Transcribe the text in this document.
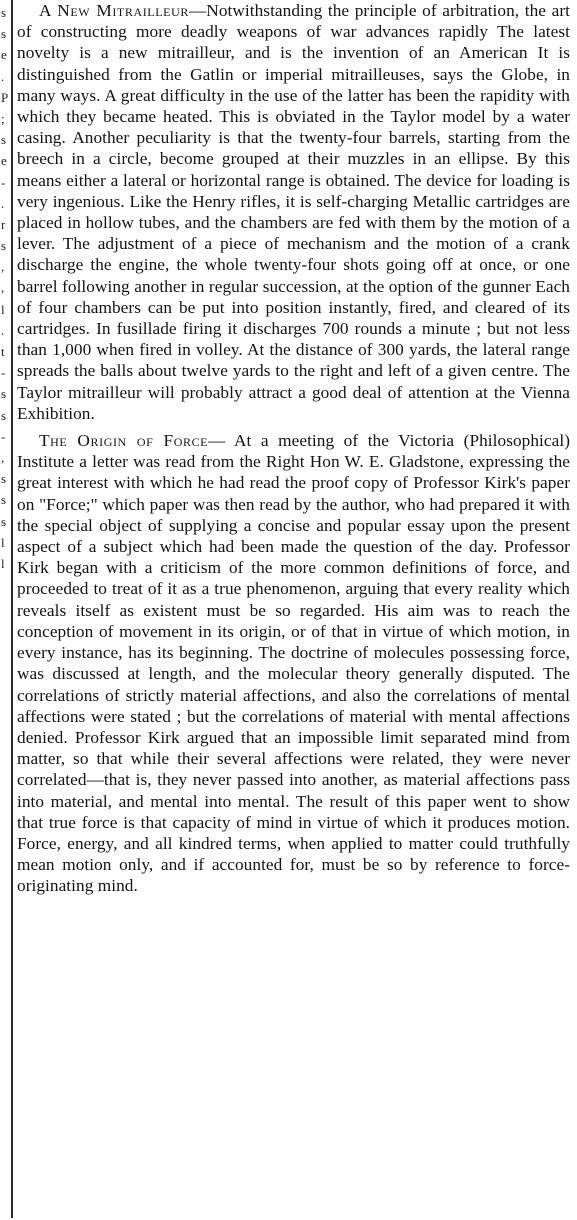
s
s
e
.
P
;
s
e
-
.
r
s
,
,
l
.
t
-
s
s
-
,
s
s
s
l
l

A New Mitrailleur—Notwithstanding the principle of arbitration, the art of constructing more deadly weapons of war advances rapidly The latest novelty is a new mitrailleur, and is the invention of an American It is distinguished from the Gatlin or imperial mitrailleuses, says the Globe, in many ways. A great difficulty in the use of the latter has been the rapidity with which they became heated. This is obviated in the Taylor model by a water casing. Another peculiarity is that the twenty-four barrels, starting from the breech in a circle, become grouped at their muzzles in an ellipse. By this means either a lateral or horizontal range is obtained. The device for loading is very ingenious. Like the Henry rifles, it is self-charging Metallic cartridges are placed in hollow tubes, and the chambers are fed with them by the motion of a lever. The adjustment of a piece of mechanism and the motion of a crank discharge the engine, the whole twenty-four shots going off at once, or one barrel following another in regular succession, at the option of the gunner Each of four chambers can be put into position instantly, fired, and cleared of its cartridges. In fusillade firing it discharges 700 rounds a minute ; but not less than 1,000 when fired in volley. At the distance of 300 yards, the lateral range spreads the balls about twelve yards to the right and left of a given centre. The Taylor mitrailleur will probably attract a good deal of attention at the Vienna Exhibition.

The Origin of Force— At a meeting of the Victoria (Philosophical) Institute a letter was read from the Right Hon W. E. Gladstone, expressing the great interest with which he had read the proof copy of Professor Kirk's paper on "Force;" which paper was then read by the author, who had prepared it with the special object of supplying a concise and popular essay upon the present aspect of a subject which had been made the question of the day. Professor Kirk began with a criticism of the more common definitions of force, and proceeded to treat of it as a true phenomenon, arguing that every reality which reveals itself as existent must be so regarded. His aim was to reach the conception of movement in its origin, or of that in virtue of which motion, in every instance, has its beginning. The doctrine of molecules possessing force, was discussed at length, and the molecular theory generally disputed. The correlations of strictly material affections, and also the correlations of mental affections were stated ; but the correlations of material with mental affections denied. Professor Kirk argued that an impossible limit separated mind from matter, so that while their several affections were related, they were never correlated—that is, they never passed into another, as material affections pass into material, and mental into mental. The result of this paper went to show that true force is that capacity of mind in virtue of which it produces motion. Force, energy, and all kindred terms, when applied to matter could truthfully mean motion only, and if accounted for, must be so by reference to force-originating mind.
